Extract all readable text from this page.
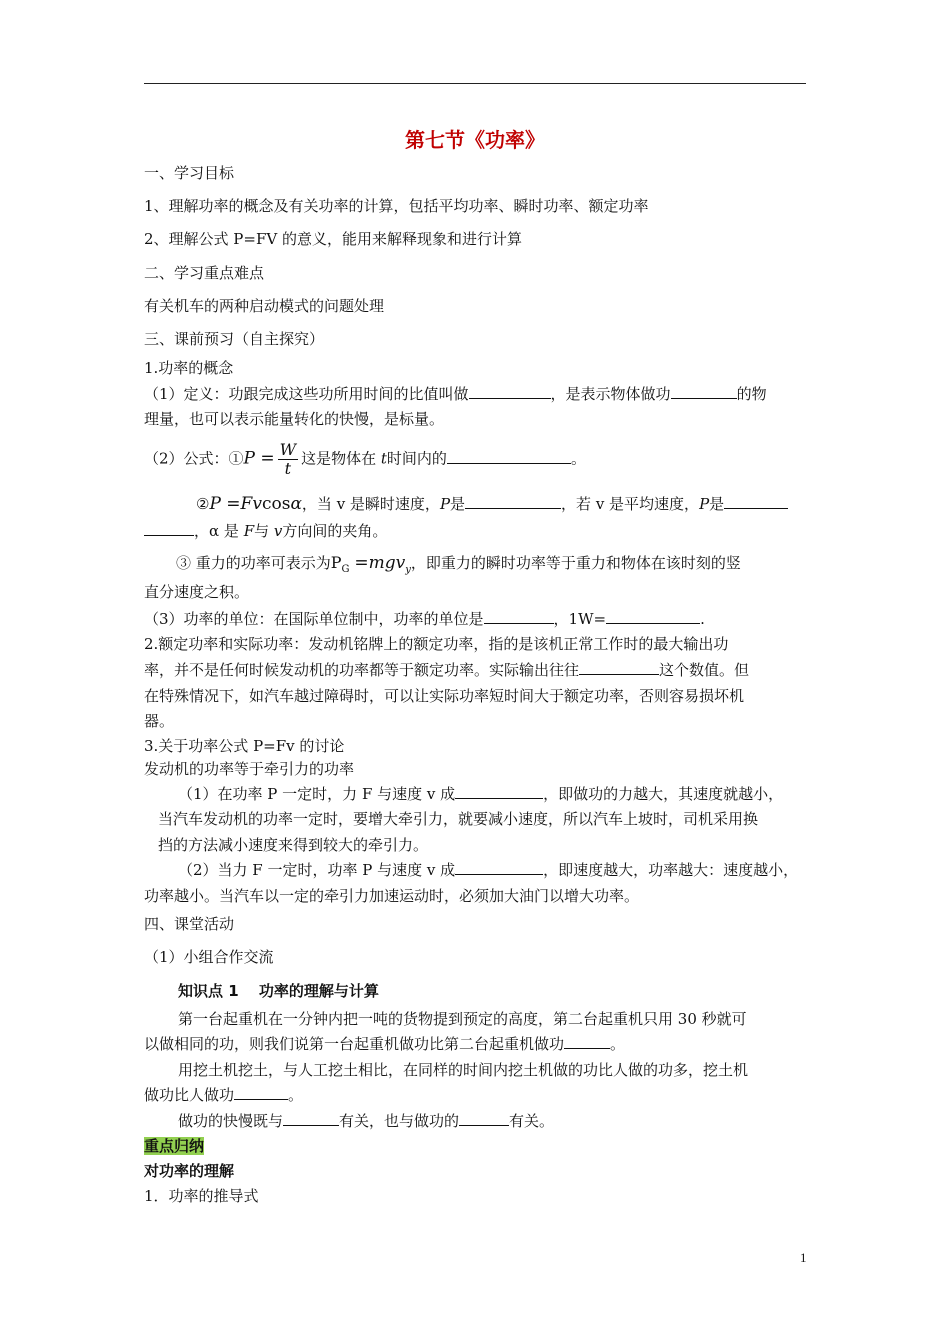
第七节《功率》
一、学习目标
1、理解功率的概念及有关功率的计算，包括平均功率、瞬时功率、额定功率
2、理解公式 P=FV 的意义，能用来解释现象和进行计算
二、学习重点难点
有关机车的两种启动模式的问题处理
三、课前预习（自主探究）
1.功率的概念
（1）定义：功跟完成这些功所用时间的比值叫做	，是表示物体做功	的物
理量，也可以表示能量转化的快慢，是标量。
（2）公式：①P = $\frac{W}{t}$ 这是物体在 t时间内的	。
②P =Fvcosα，当 v 是瞬时速度，P是	，若 v 是平均速度，P是
，α 是 F与 v方向间的夹角。
③ 重力的功率可表示为$P_G =mgv_y$，即重力的瞬时功率等于重力和物体在该时刻的竖
直分速度之积。
（3）功率的单位：在国际单位制中，功率的单位是	，1W=	.
2.额定功率和实际功率：发动机铭牌上的额定功率，指的是该机正常工作时的最大输出功
率，并不是任何时候发动机的功率都等于额定功率。实际输出往往	这个数值。但
在特殊情况下，如汽车越过障碍时，可以让实际功率短时间大于额定功率，否则容易损坏机
器。
3.关于功率公式 P=Fv 的讨论
发动机的功率等于牵引力的功率
（1）在功率 P 一定时，力 F 与速度 v 成	，即做功的力越大，其速度就越小，
当汽车发动机的功率一定时，要增大牵引力，就要减小速度，所以汽车上坡时，司机采用换
挡的方法减小速度来得到较大的牵引力。
（2）当力 F 一定时，功率 P 与速度 v 成	，即速度越大，功率越大：速度越小，
功率越小。当汽车以一定的牵引力加速运动时，必须加大油门以增大功率。
四、课堂活动
（1）小组合作交流
知识点 1　 功率的理解与计算
第一台起重机在一分钟内把一吨的货物提到预定的高度，第二台起重机只用 30 秒就可
以做相同的功，则我们说第一台起重机做功比第二台起重机做功	。
用挖土机挖土，与人工挖土相比，在同样的时间内挖土机做的功比人做的功多，挖土机
做功比人做功	。
做功的快慢既与	有关，也与做功的	有关。
重点归纳
对功率的理解
1．功率的推导式
1
